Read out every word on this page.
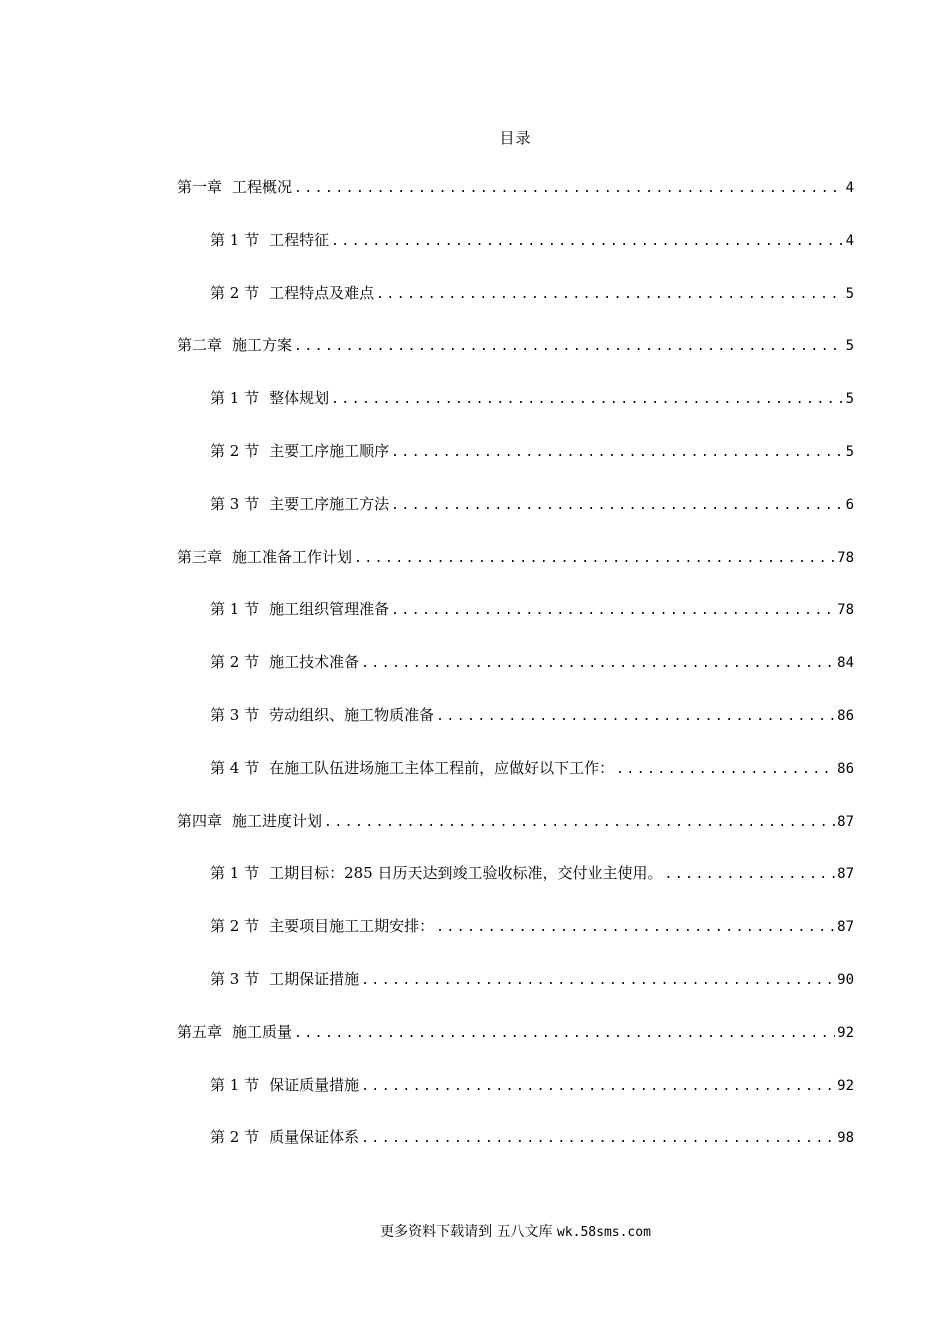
目录
第一章 工程概况 .....	4
第 1 节 工程特征 .....	4
第 2 节 工程特点及难点 .....	5
第二章 施工方案 .....	5
第 1 节 整体规划 .....	5
第 2 节 主要工序施工顺序 .....	5
第 3 节 主要工序施工方法 .....	6
第三章 施工准备工作计划 .....	78
第 1 节 施工组织管理准备 .....	78
第 2 节 施工技术准备 .....	84
第 3 节 劳动组织、施工物质准备 .....	86
第 4 节 在施工队伍进场施工主体工程前，应做好以下工作： .....	86
第四章 施工进度计划 .....	87
第 1 节 工期目标：285 日历天达到竣工验收标准，交付业主使用。 .....	87
第 2 节 主要项目施工工期安排： .....	87
第 3 节 工期保证措施 .....	90
第五章 施工质量 .....	92
第 1 节 保证质量措施 .....	92
第 2 节 质量保证体系 .....	98
更多资料下载请到 五八文库 wk.58sms.com
